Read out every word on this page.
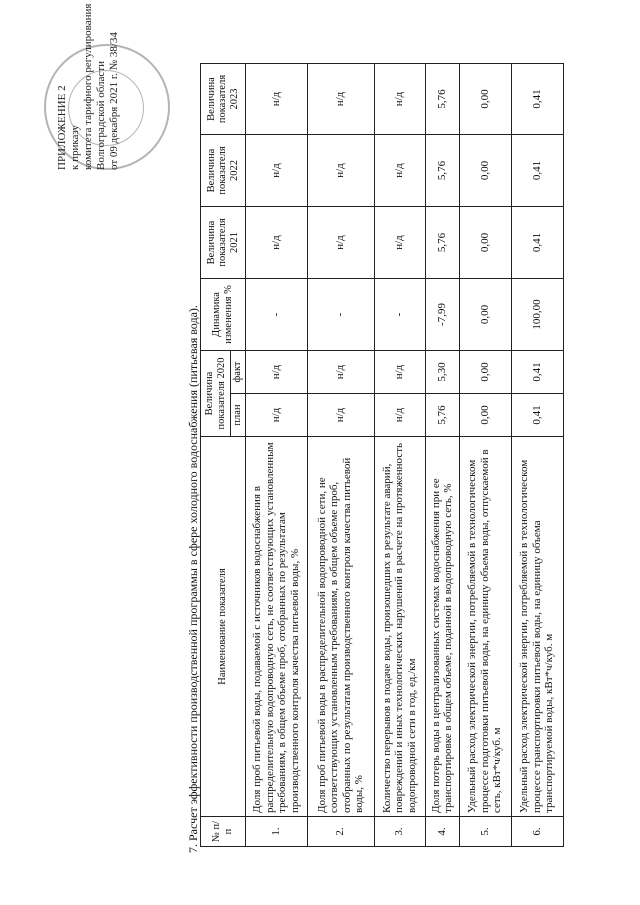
ПРИЛОЖЕНИЕ 2 к приказу комитета тарифного регулирования Волгоградской области от 09 декабря 2021 г. № 38/34
7. Расчет эффективности производственной программы в сфере холодного водоснабжения (питьевая вода). № п/п	Наименование показателя	Величина показателя 2020		Динамика изменения %	Величина показателя 2021	Величина показателя 2022	Величина показателя 2023
		план	факт				
1.	Доля проб питьевой воды, подаваемой с источников водоснабжения в распределительную водопроводную сеть, не соответствующих установленным требованиям, в общем объеме проб, отобранных по результатам производственного контроля качества питьевой воды, %	н/д	н/д	-	н/д	н/д	н/д
2.	Доля проб питьевой воды в распределительной водопроводной сети, не соответствующих установленным требованиям, в общем объеме проб, отобранных по результатам производственного контроля качества питьевой воды, %	н/д	н/д	-	н/д	н/д	н/д
3.	Количество перерывов в подаче воды, произошедших в результате аварий, повреждений и иных технологических нарушений в расчете на протяженность водопроводной сети в год, ед./км	н/д	н/д	-	н/д	н/д	н/д
4.	Доля потерь воды в централизованных системах водоснабжения при ее транспортировке в общем объеме, поданной в водопроводную сеть, %	5,76	5,30	-7,99	5,76	5,76	5,76
5.	Удельный расход электрической энергии, потребляемой в технологическом процессе подготовки питьевой воды, на единицу объема воды, отпускаемой в сеть, кВт*ч/куб. м	0,00	0,00	0,00	0,00	0,00	0,00
6.	Удельный расход электрической энергии, потребляемой в технологическом процессе транспортировки питьевой воды, на единицу объема транспортируемой воды, кВт*ч/куб. м	0,41	0,41	100,00	0,41	0,41	0,41
